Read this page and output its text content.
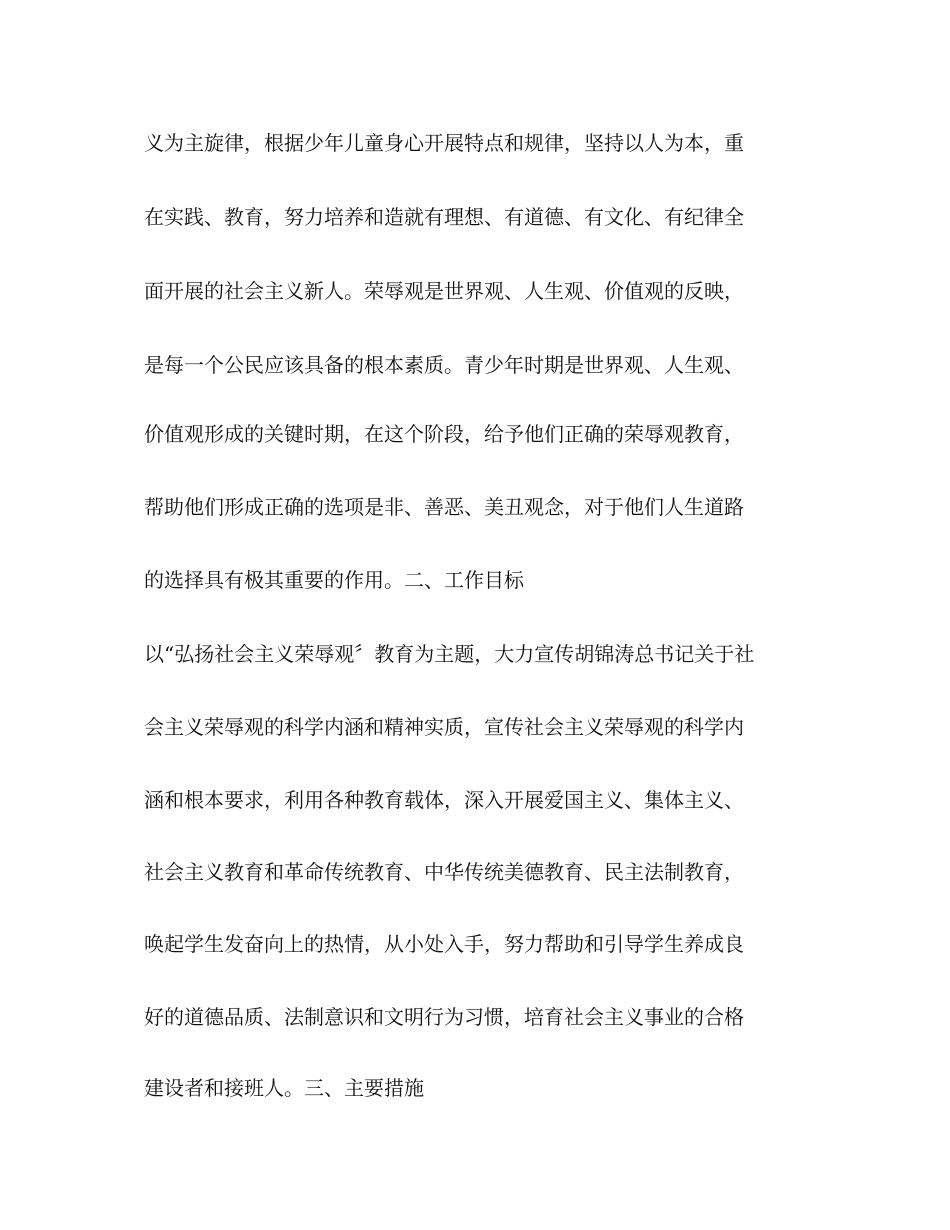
义为主旋律，根据少年儿童身心开展特点和规律，坚持以人为本，重
在实践、教育，努力培养和造就有理想、有道德、有文化、有纪律全
面开展的社会主义新人。荣辱观是世界观、人生观、价值观的反映，
是每一个公民应该具备的根本素质。青少年时期是世界观、人生观、
价值观形成的关键时期，在这个阶段，给予他们正确的荣辱观教育，
帮助他们形成正确的选项是非、善恶、美丑观念，对于他们人生道路
的选择具有极其重要的作用。二、工作目标
以“弘扬社会主义荣辱观〞教育为主题，大力宣传胡锦涛总书记关于社
会主义荣辱观的科学内涵和精神实质，宣传社会主义荣辱观的科学内
涵和根本要求，利用各种教育载体，深入开展爱国主义、集体主义、
社会主义教育和革命传统教育、中华传统美德教育、民主法制教育，
唤起学生发奋向上的热情，从小处入手，努力帮助和引导学生养成良
好的道德品质、法制意识和文明行为习惯，培育社会主义事业的合格
建设者和接班人。三、主要措施
